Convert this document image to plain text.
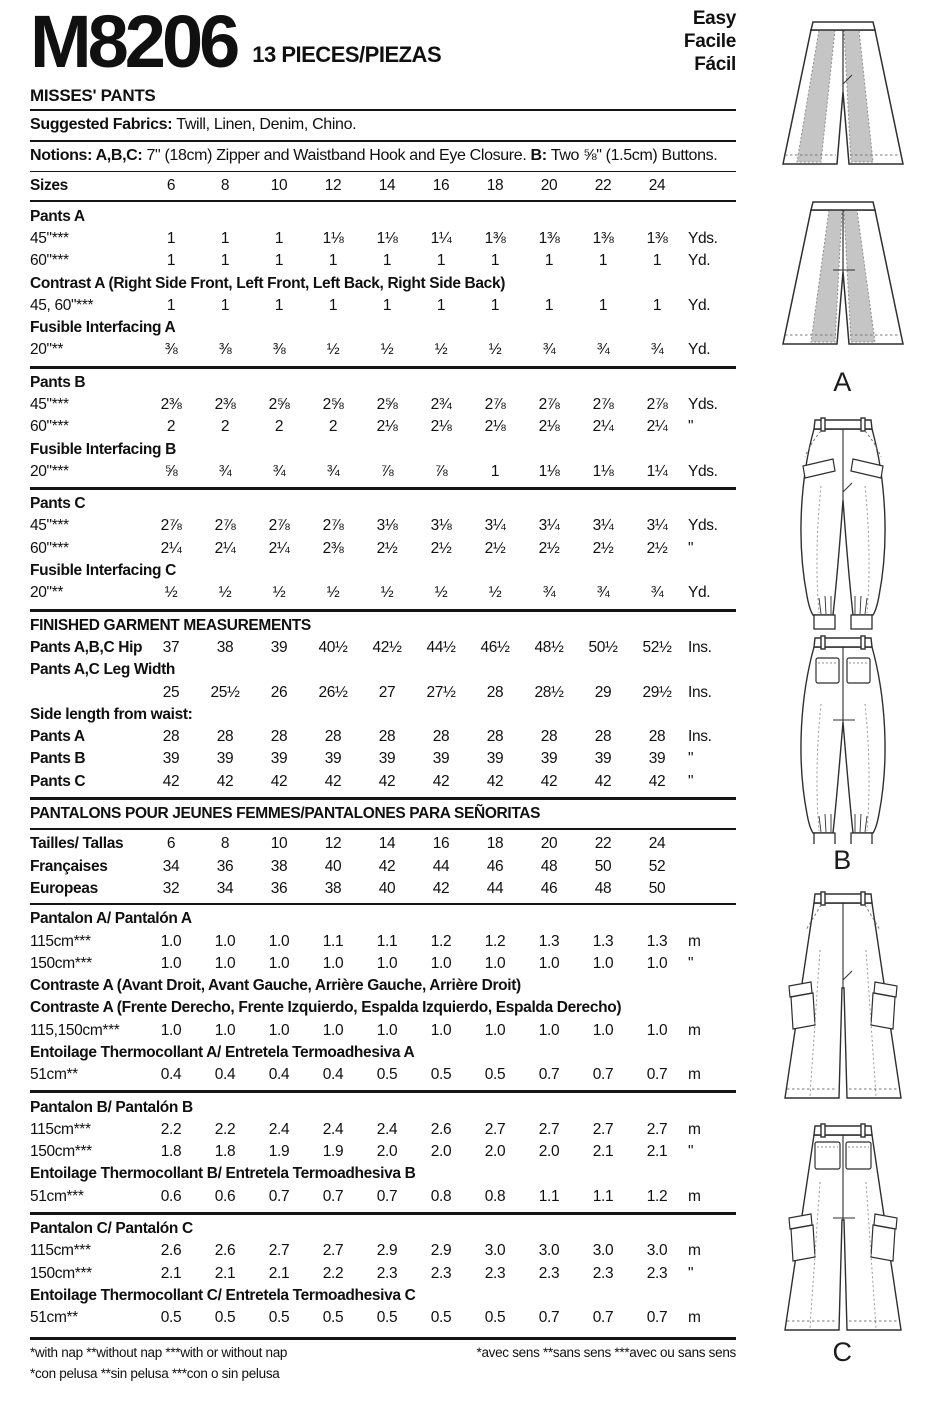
M8206 13 PIECES/PIEZAS
Easy
Facile
Fácil
MISSES' PANTS
Suggested Fabrics: Twill, Linen, Denim, Chino.
Notions: A,B,C: 7" (18cm) Zipper and Waistband Hook and Eye Closure. B: Two ⅝" (1.5cm) Buttons.
Sizes	6	8	10	12	14	16	18	20	22	24
Pants A
45"***	1	1	1	1⅛	1⅛	1¼	1⅜	1⅜	1⅜	1⅜	Yds.
60"***	1	1	1	1	1	1	1	1	1	1	Yd.
Contrast A (Right Side Front, Left Front, Left Back, Right Side Back)
45, 60"***	1	1	1	1	1	1	1	1	1	1	Yd.
Fusible Interfacing A
20"**	⅜	⅜	⅜	½	½	½	½	¾	¾	¾	Yd.
Pants B
45"***	2⅜	2⅜	2⅝	2⅝	2⅝	2¾	2⅞	2⅞	2⅞	2⅞	Yds.
60"***	2	2	2	2	2⅛	2⅛	2⅛	2⅛	2¼	2¼	"
Fusible Interfacing B
20"***	⅝	¾	¾	¾	⅞	⅞	1	1⅛	1⅛	1¼	Yds.
Pants C
45"***	2⅞	2⅞	2⅞	2⅞	3⅛	3⅛	3¼	3¼	3¼	3¼	Yds.
60"***	2¼	2¼	2¼	2⅜	2½	2½	2½	2½	2½	2½	"
Fusible Interfacing C
20"**	½	½	½	½	½	½	½	¾	¾	¾	Yd.
FINISHED GARMENT MEASUREMENTS
Pants A,B,C Hip	37	38	39	40½	42½	44½	46½	48½	50½	52½	Ins.
Pants A,C Leg Width
25	25½	26	26½	27	27½	28	28½	29	29½	Ins.
Side length from waist:
Pants A	28	28	28	28	28	28	28	28	28	28	Ins.
Pants B	39	39	39	39	39	39	39	39	39	39	"
Pants C	42	42	42	42	42	42	42	42	42	42	"
PANTALONS POUR JEUNES FEMMES/PANTALONES PARA SEÑORITAS
Tailles/ Tallas	6	8	10	12	14	16	18	20	22	24
Françaises	34	36	38	40	42	44	46	48	50	52
Europeas	32	34	36	38	40	42	44	46	48	50
Pantalon A/ Pantalón A
115cm***	1.0	1.0	1.0	1.1	1.1	1.2	1.2	1.3	1.3	1.3	m
150cm***	1.0	1.0	1.0	1.0	1.0	1.0	1.0	1.0	1.0	1.0	"
Contraste A (Avant Droit, Avant Gauche, Arrière Gauche, Arrière Droit)
Contraste A (Frente Derecho, Frente Izquierdo, Espalda Izquierdo, Espalda Derecho)
115,150cm***	1.0	1.0	1.0	1.0	1.0	1.0	1.0	1.0	1.0	1.0	m
Entoilage Thermocollant A/ Entretela Termoadhesiva A
51cm**	0.4	0.4	0.4	0.4	0.5	0.5	0.5	0.7	0.7	0.7	m
Pantalon B/ Pantalón B
115cm***	2.2	2.2	2.4	2.4	2.4	2.6	2.7	2.7	2.7	2.7	m
150cm***	1.8	1.8	1.9	1.9	2.0	2.0	2.0	2.0	2.1	2.1	"
Entoilage Thermocollant B/ Entretela Termoadhesiva B
51cm***	0.6	0.6	0.7	0.7	0.7	0.8	0.8	1.1	1.1	1.2	m
Pantalon C/ Pantalón C
115cm***	2.6	2.6	2.7	2.7	2.9	2.9	3.0	3.0	3.0	3.0	m
150cm***	2.1	2.1	2.1	2.2	2.3	2.3	2.3	2.3	2.3	2.3	"
Entoilage Thermocollant C/ Entretela Termoadhesiva C
51cm**	0.5	0.5	0.5	0.5	0.5	0.5	0.5	0.7	0.7	0.7	m
*with nap **without nap ***with or without nap	*avec sens **sans sens ***avec ou sans sens
*con pelusa **sin pelusa ***con o sin pelusa
A
B
C
